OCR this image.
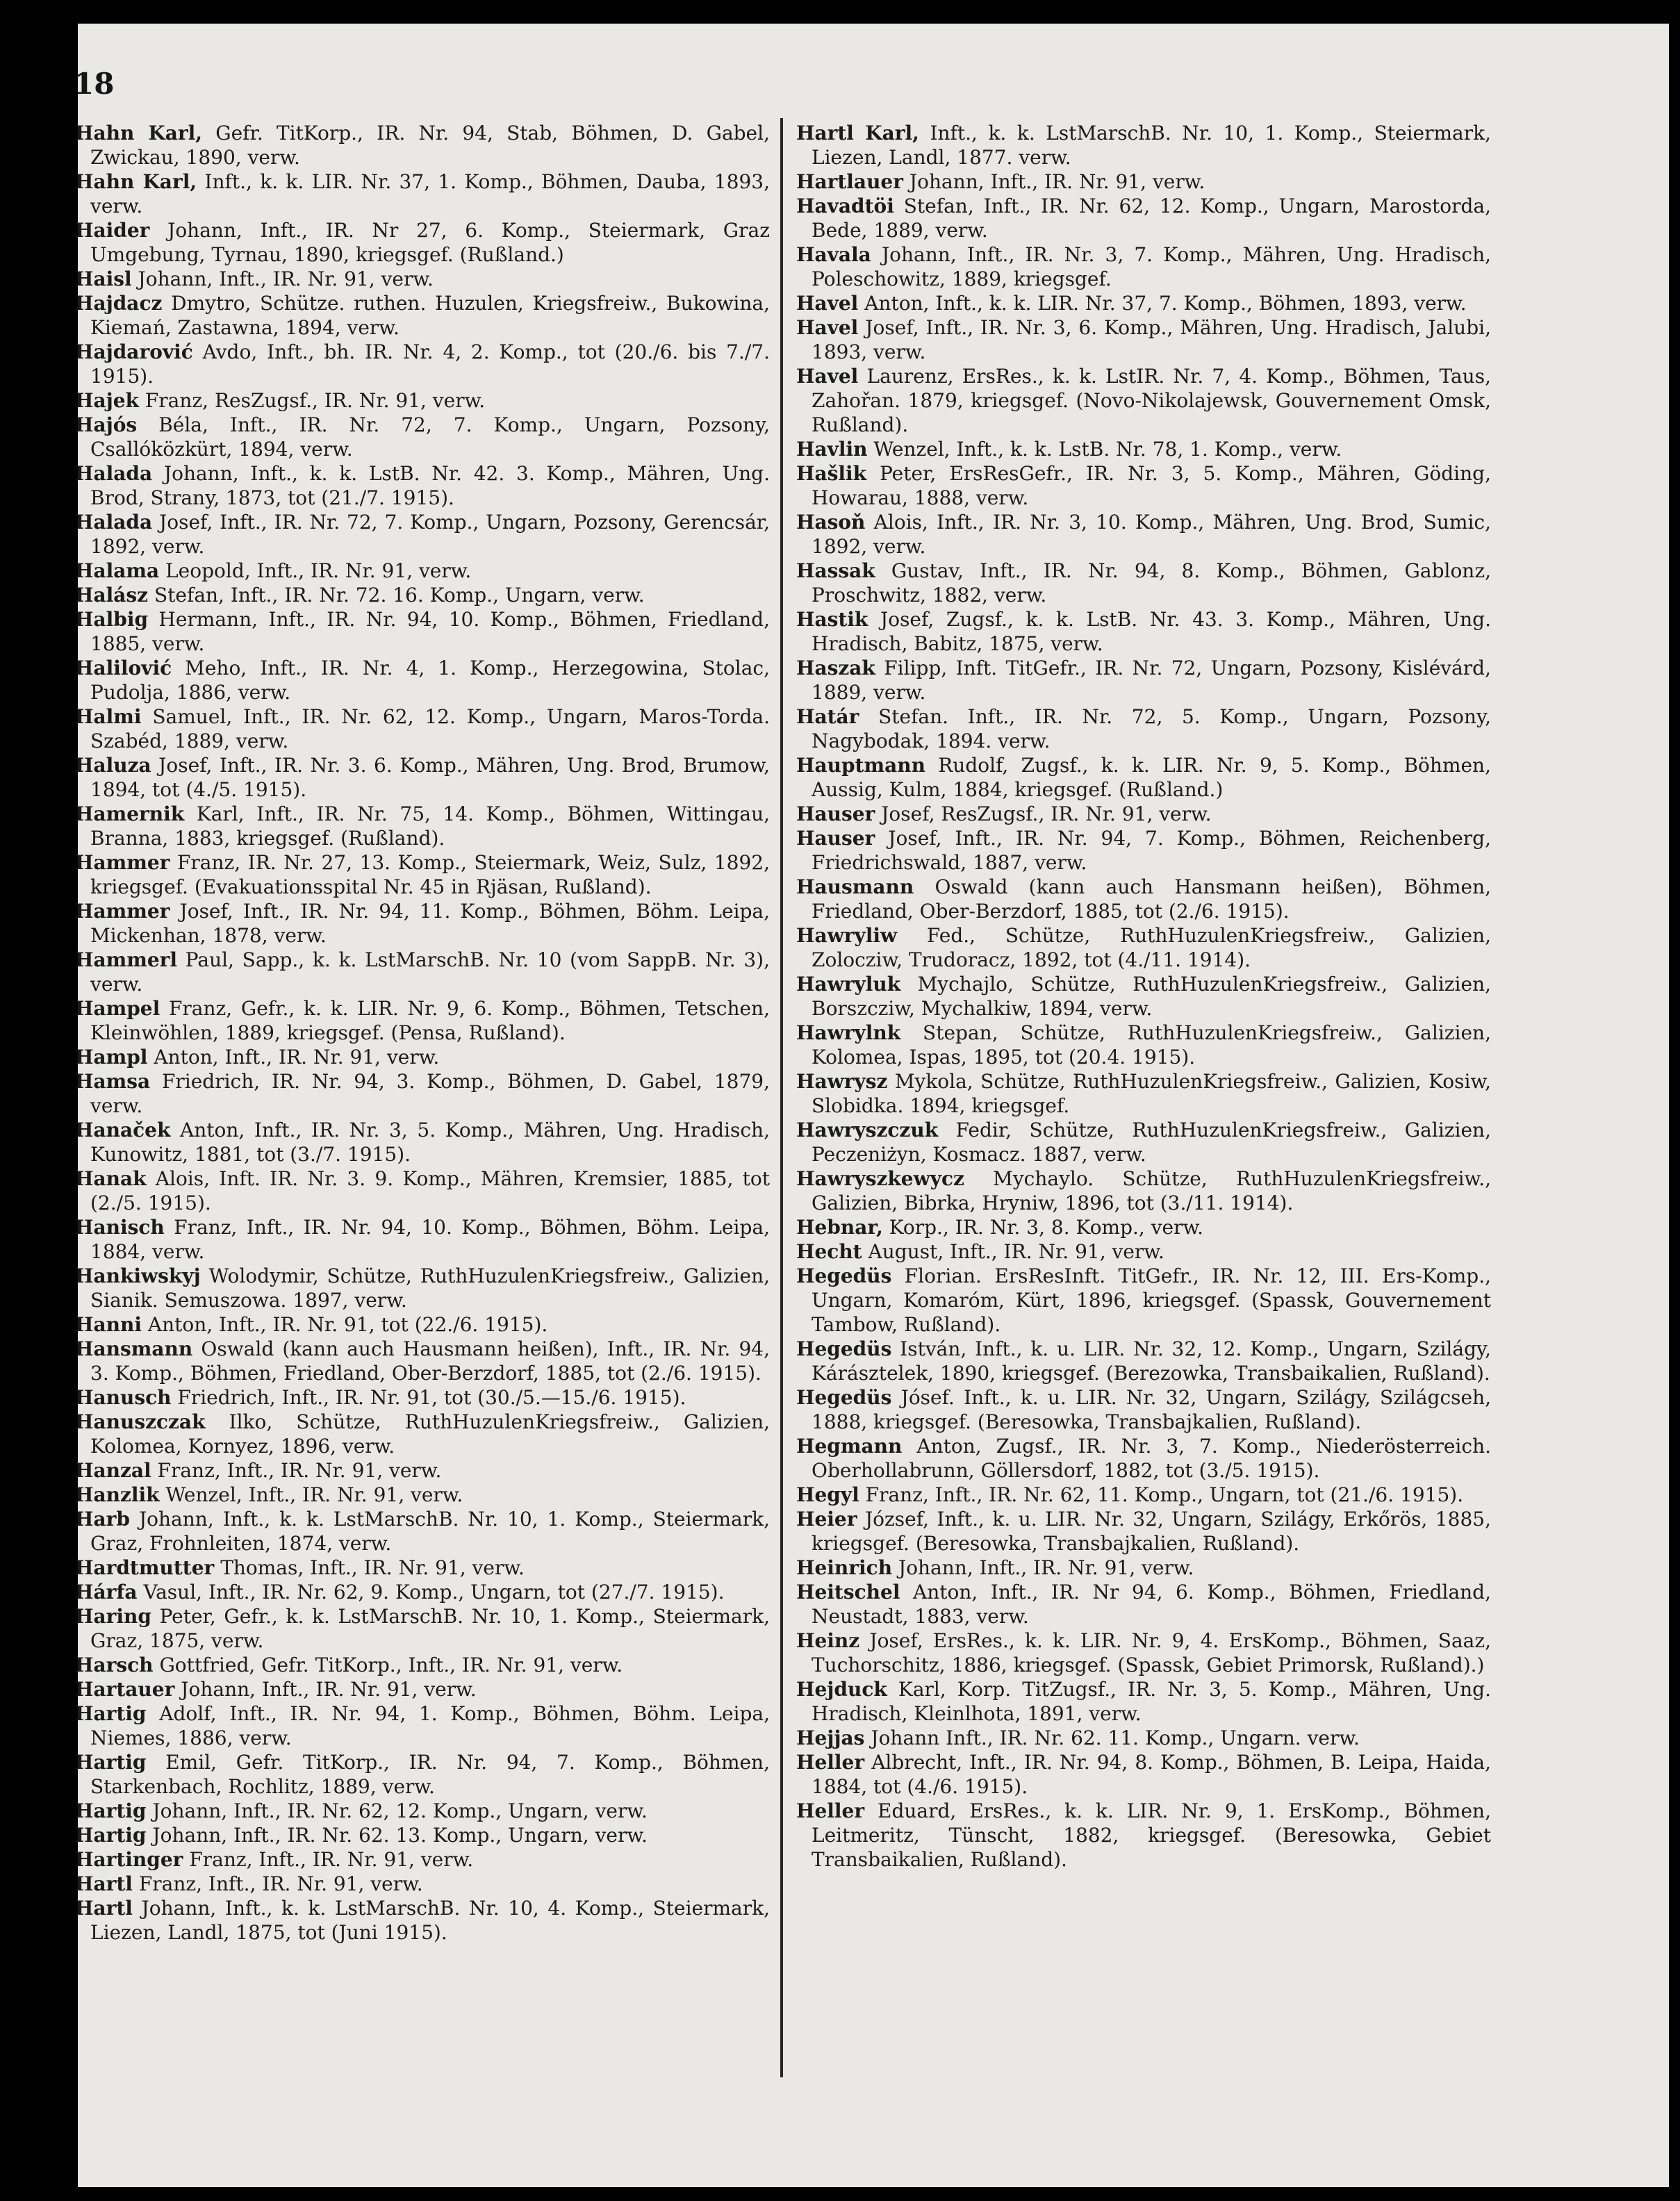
18

Hahn Karl, Gefr. TitKorp., IR. Nr. 94, Stab, Böhmen, D. Gabel, Zwickau, 1890, verw.

Hahn Karl, Inft., k. k. LIR. Nr. 37, 1. Komp., Böhmen, Dauba, 1893, verw.

Haider Johann, Inft., IR. Nr 27, 6. Komp., Steiermark, Graz Umgebung, Tyrnau, 1890, kriegsgef. (Rußland.)

Haisl Johann, Inft., IR. Nr. 91, verw.

Hajdacz Dmytro, Schütze. ruthen. Huzulen, Kriegsfreiw., Bukowina, Kiemań, Zastawna, 1894, verw.

Hajdarović Avdo, Inft., bh. IR. Nr. 4, 2. Komp., tot (20./6. bis 7./7. 1915).

Hajek Franz, ResZugsf., IR. Nr. 91, verw.

Hajós Béla, Inft., IR. Nr. 72, 7. Komp., Ungarn, Pozsony, Csallóközkürt, 1894, verw.

Halada Johann, Inft., k. k. LstB. Nr. 42. 3. Komp., Mähren, Ung. Brod, Strany, 1873, tot (21./7. 1915).

Halada Josef, Inft., IR. Nr. 72, 7. Komp., Ungarn, Pozsony, Gerencsár, 1892, verw.

Halama Leopold, Inft., IR. Nr. 91, verw.

Halász Stefan, Inft., IR. Nr. 72. 16. Komp., Ungarn, verw.

Halbig Hermann, Inft., IR. Nr. 94, 10. Komp., Böhmen, Friedland, 1885, verw.

Halilović Meho, Inft., IR. Nr. 4, 1. Komp., Herzegowina, Stolac, Pudolja, 1886, verw.

Halmi Samuel, Inft., IR. Nr. 62, 12. Komp., Ungarn, Maros-Torda. Szabéd, 1889, verw.

Haluza Josef, Inft., IR. Nr. 3. 6. Komp., Mähren, Ung. Brod, Brumow, 1894, tot (4./5. 1915).

Hamernik Karl, Inft., IR. Nr. 75, 14. Komp., Böhmen, Wittingau, Branna, 1883, kriegsgef. (Rußland).

Hammer Franz, IR. Nr. 27, 13. Komp., Steiermark, Weiz, Sulz, 1892, kriegsgef. (Evakuationsspital Nr. 45 in Rjäsan, Rußland).

Hammer Josef, Inft., IR. Nr. 94, 11. Komp., Böhmen, Böhm. Leipa, Mickenhan, 1878, verw.

Hammerl Paul, Sapp., k. k. LstMarschB. Nr. 10 (vom SappB. Nr. 3), verw.

Hampel Franz, Gefr., k. k. LIR. Nr. 9, 6. Komp., Böhmen, Tetschen, Kleinwöhlen, 1889, kriegsgef. (Pensa, Rußland).

Hampl Anton, Inft., IR. Nr. 91, verw.

Hamsa Friedrich, IR. Nr. 94, 3. Komp., Böhmen, D. Gabel, 1879, verw.

Hanaček Anton, Inft., IR. Nr. 3, 5. Komp., Mähren, Ung. Hradisch, Kunowitz, 1881, tot (3./7. 1915).

Hanak Alois, Inft. IR. Nr. 3. 9. Komp., Mähren, Kremsier, 1885, tot (2./5. 1915).

Hanisch Franz, Inft., IR. Nr. 94, 10. Komp., Böhmen, Böhm. Leipa, 1884, verw.

Hankiwskyj Wolodymir, Schütze, RuthHuzulenKriegsfreiw., Galizien, Sianik. Semuszowa. 1897, verw.

Hanni Anton, Inft., IR. Nr. 91, tot (22./6. 1915).

Hansmann Oswald (kann auch Hausmann heißen), Inft., IR. Nr. 94, 3. Komp., Böhmen, Friedland, Ober-Berzdorf, 1885, tot (2./6. 1915).

Hanusch Friedrich, Inft., IR. Nr. 91, tot (30./5.—15./6. 1915).

Hanuszczak Ilko, Schütze, RuthHuzulenKriegsfreiw., Galizien, Kolomea, Kornyez, 1896, verw.

Hanzal Franz, Inft., IR. Nr. 91, verw.

Hanzlik Wenzel, Inft., IR. Nr. 91, verw.

Harb Johann, Inft., k. k. LstMarschB. Nr. 10, 1. Komp., Steiermark, Graz, Frohnleiten, 1874, verw.

Hardtmutter Thomas, Inft., IR. Nr. 91, verw.

Hárfa Vasul, Inft., IR. Nr. 62, 9. Komp., Ungarn, tot (27./7. 1915).

Haring Peter, Gefr., k. k. LstMarschB. Nr. 10, 1. Komp., Steiermark, Graz, 1875, verw.

Harsch Gottfried, Gefr. TitKorp., Inft., IR. Nr. 91, verw.

Hartauer Johann, Inft., IR. Nr. 91, verw.

Hartig Adolf, Inft., IR. Nr. 94, 1. Komp., Böhmen, Böhm. Leipa, Niemes, 1886, verw.

Hartig Emil, Gefr. TitKorp., IR. Nr. 94, 7. Komp., Böhmen, Starkenbach, Rochlitz, 1889, verw.

Hartig Johann, Inft., IR. Nr. 62, 12. Komp., Ungarn, verw.

Hartig Johann, Inft., IR. Nr. 62. 13. Komp., Ungarn, verw.

Hartinger Franz, Inft., IR. Nr. 91, verw.

Hartl Franz, Inft., IR. Nr. 91, verw.

Hartl Johann, Inft., k. k. LstMarschB. Nr. 10, 4. Komp., Steiermark, Liezen, Landl, 1875, tot (Juni 1915).

Hartl Karl, Inft., k. k. LstMarschB. Nr. 10, 1. Komp., Steiermark, Liezen, Landl, 1877. verw.

Hartlauer Johann, Inft., IR. Nr. 91, verw.

Havadtöi Stefan, Inft., IR. Nr. 62, 12. Komp., Ungarn, Marostorda, Bede, 1889, verw.

Havala Johann, Inft., IR. Nr. 3, 7. Komp., Mähren, Ung. Hradisch, Poleschowitz, 1889, kriegsgef.

Havel Anton, Inft., k. k. LIR. Nr. 37, 7. Komp., Böhmen, 1893, verw.

Havel Josef, Inft., IR. Nr. 3, 6. Komp., Mähren, Ung. Hradisch, Jalubi, 1893, verw.

Havel Laurenz, ErsRes., k. k. LstIR. Nr. 7, 4. Komp., Böhmen, Taus, Zahořan. 1879, kriegsgef. (Novo-Nikolajewsk, Gouvernement Omsk, Rußland).

Havlin Wenzel, Inft., k. k. LstB. Nr. 78, 1. Komp., verw.

Hašlik Peter, ErsResGefr., IR. Nr. 3, 5. Komp., Mähren, Göding, Howarau, 1888, verw.

Hasoň Alois, Inft., IR. Nr. 3, 10. Komp., Mähren, Ung. Brod, Sumic, 1892, verw.

Hassak Gustav, Inft., IR. Nr. 94, 8. Komp., Böhmen, Gablonz, Proschwitz, 1882, verw.

Hastik Josef, Zugsf., k. k. LstB. Nr. 43. 3. Komp., Mähren, Ung. Hradisch, Babitz, 1875, verw.

Haszak Filipp, Inft. TitGefr., IR. Nr. 72, Ungarn, Pozsony, Kislévárd, 1889, verw.

Határ Stefan. Inft., IR. Nr. 72, 5. Komp., Ungarn, Pozsony, Nagybodak, 1894. verw.

Hauptmann Rudolf, Zugsf., k. k. LIR. Nr. 9, 5. Komp., Böhmen, Aussig, Kulm, 1884, kriegsgef. (Rußland.)

Hauser Josef, ResZugsf., IR. Nr. 91, verw.

Hauser Josef, Inft., IR. Nr. 94, 7. Komp., Böhmen, Reichenberg, Friedrichswald, 1887, verw.

Hausmann Oswald (kann auch Hansmann heißen), Böhmen, Friedland, Ober-Berzdorf, 1885, tot (2./6. 1915).

Hawryliw Fed., Schütze, RuthHuzulenKriegsfreiw., Galizien, Zolocziw, Trudoracz, 1892, tot (4./11. 1914).

Hawryluk Mychajlo, Schütze, RuthHuzulenKriegsfreiw., Galizien, Borszcziw, Mychalkiw, 1894, verw.

Hawrylnk Stepan, Schütze, RuthHuzulenKriegsfreiw., Galizien, Kolomea, Ispas, 1895, tot (20.4. 1915).

Hawrysz Mykola, Schütze, RuthHuzulenKriegsfreiw., Galizien, Kosiw, Slobidka. 1894, kriegsgef.

Hawryszczuk Fedir, Schütze, RuthHuzulenKriegsfreiw., Galizien, Peczeniżyn, Kosmacz. 1887, verw.

Hawryszkewycz Mychaylo. Schütze, RuthHuzulenKriegsfreiw., Galizien, Bibrka, Hryniw, 1896, tot (3./11. 1914).

Hebnar, Korp., IR. Nr. 3, 8. Komp., verw.

Hecht August, Inft., IR. Nr. 91, verw.

Hegedüs Florian. ErsResInft. TitGefr., IR. Nr. 12, III. Ers-Komp., Ungarn, Komaróm, Kürt, 1896, kriegsgef. (Spassk, Gouvernement Tambow, Rußland).

Hegedüs István, Inft., k. u. LIR. Nr. 32, 12. Komp., Ungarn, Szilágy, Kárásztelek, 1890, kriegsgef. (Berezowka, Transbaikalien, Rußland).

Hegedüs Jósef. Inft., k. u. LIR. Nr. 32, Ungarn, Szilágy, Szilágcseh, 1888, kriegsgef. (Beresowka, Transbajkalien, Rußland).

Hegmann Anton, Zugsf., IR. Nr. 3, 7. Komp., Niederösterreich. Oberhollabrunn, Göllersdorf, 1882, tot (3./5. 1915).

Hegyl Franz, Inft., IR. Nr. 62, 11. Komp., Ungarn, tot (21./6. 1915).

Heier József, Inft., k. u. LIR. Nr. 32, Ungarn, Szilágy, Erkőrös, 1885, kriegsgef. (Beresowka, Transbajkalien, Rußland).

Heinrich Johann, Inft., IR. Nr. 91, verw.

Heitschel Anton, Inft., IR. Nr 94, 6. Komp., Böhmen, Friedland, Neustadt, 1883, verw.

Heinz Josef, ErsRes., k. k. LIR. Nr. 9, 4. ErsKomp., Böhmen, Saaz, Tuchorschitz, 1886, kriegsgef. (Spassk, Gebiet Primorsk, Rußland).)

Hejduck Karl, Korp. TitZugsf., IR. Nr. 3, 5. Komp., Mähren, Ung. Hradisch, Kleinlhota, 1891, verw.

Hejjas Johann Inft., IR. Nr. 62. 11. Komp., Ungarn. verw.

Heller Albrecht, Inft., IR. Nr. 94, 8. Komp., Böhmen, B. Leipa, Haida, 1884, tot (4./6. 1915).

Heller Eduard, ErsRes., k. k. LIR. Nr. 9, 1. ErsKomp., Böhmen, Leitmeritz, Tünscht, 1882, kriegsgef. (Beresowka, Gebiet Transbaikalien, Rußland).
